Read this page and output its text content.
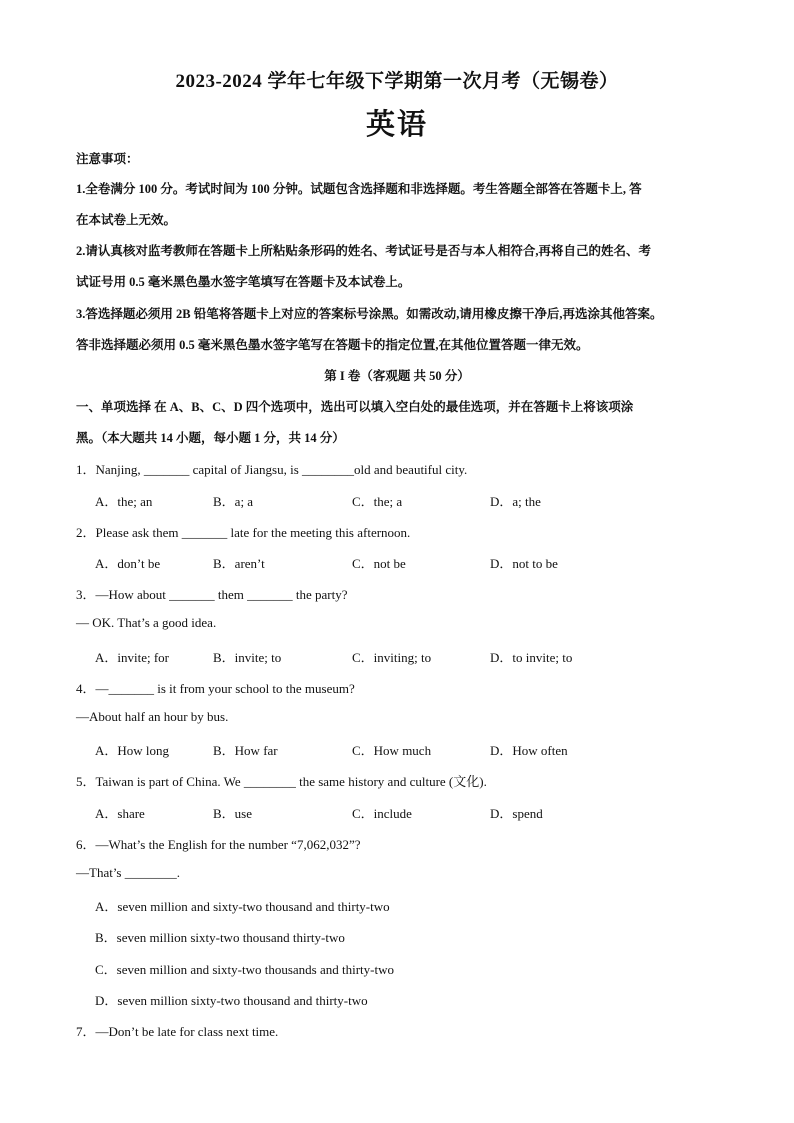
2023-2024 学年七年级下学期第一次月考（无锡卷）
英语
注意事项：
1.全卷满分 100 分。考试时间为 100 分钟。试题包含选择题和非选择题。考生答题全部答在答题卡上, 答
在本试卷上无效。
2.请认真核对监考教师在答题卡上所粘贴条形码的姓名、考试证号是否与本人相符合,再将自己的姓名、考
试证号用 0.5 毫米黑色墨水签字笔填写在答题卡及本试卷上。
3.答选择题必须用 2B 铅笔将答题卡上对应的答案标号涂黑。如需改动,请用橡皮擦干净后,再选涂其他答案。
答非选择题必须用 0.5 毫米黑色墨水签字笔写在答题卡的指定位置,在其他位置答题一律无效。
第 I 卷（客观题 共 50 分）
一、单项选择 在 A、B、C、D 四个选项中，选出可以填入空白处的最佳选项，并在答题卡上将该项涂
黑。（本大题共 14 小题，每小题 1 分，共 14 分）
1．Nanjing, _______ capital of Jiangsu, is ________old and beautiful city.
A．the; an	B．a; a	C．the; a	D．a; the
2．Please ask them _______ late for the meeting this afternoon.
A．don’t be	B．aren’t	C．not be	D．not to be
3．—How about _______ them _______ the party?
— OK. That’s a good idea.
A．invite; for	B．invite; to	C．inviting; to	D．to invite; to
4．—_______ is it from your school to the museum?
—About half an hour by bus.
A．How long	B．How far	C．How much	D．How often
5．Taiwan is part of China. We ________ the same history and culture (文化).
A．share	B．use	C．include	D．spend
6．—What’s the English for the number “7,062,032”?
—That’s ________.
A．seven million and sixty-two thousand and thirty-two
B．seven million sixty-two thousand thirty-two
C．seven million and sixty-two thousands and thirty-two
D．seven million sixty-two thousand and thirty-two
7．—Don’t be late for class next time.
